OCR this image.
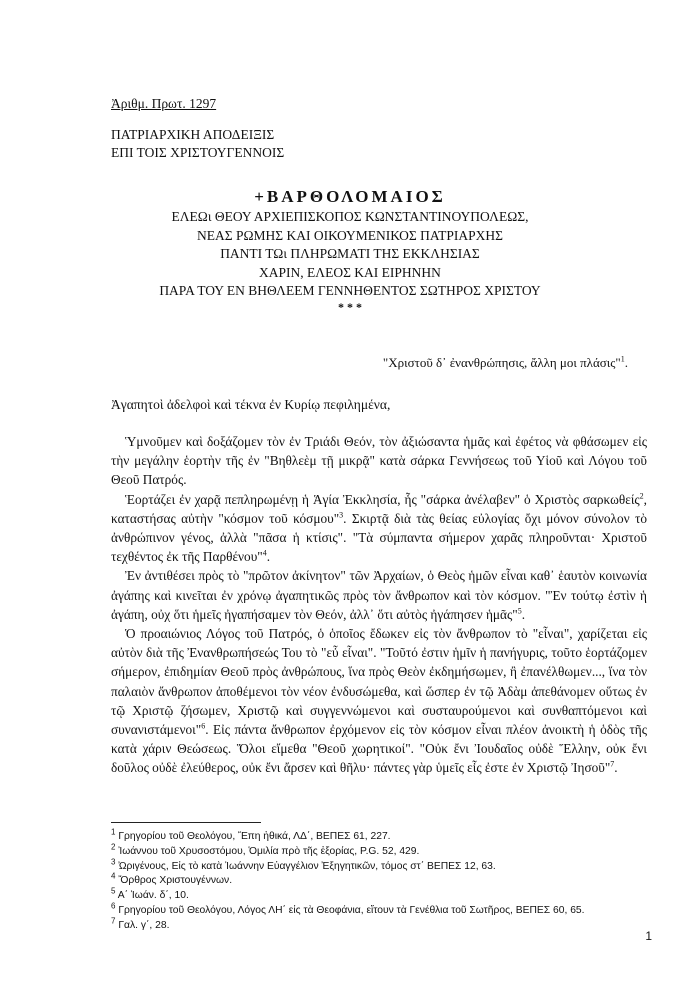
Ἀριθμ. Πρωτ. 1297
ΠΑΤΡΙΑΡΧΙΚΗ ΑΠΟΔΕΙΞΙΣ
ΕΠΙ ΤΟΙΣ ΧΡΙΣΤΟΥΓΕΝΝΟΙΣ
+ΒΑΡΘΟΛΟΜΑΙΟΣ
ΕΛΕΩι ΘΕΟΥ ΑΡΧΙΕΠΙΣΚΟΠΟΣ ΚΩΝΣΤΑΝΤΙΝΟΥΠΟΛΕΩΣ,
ΝΕΑΣ ΡΩΜΗΣ ΚΑΙ ΟΙΚΟΥΜΕΝΙΚΟΣ ΠΑΤΡΙΑΡΧΗΣ
ΠΑΝΤΙ ΤΩι ΠΛΗΡΩΜΑΤΙ ΤΗΣ ΕΚΚΛΗΣΙΑΣ
ΧΑΡΙΝ, ΕΛΕΟΣ ΚΑΙ ΕΙΡΗΝΗΝ
ΠΑΡΑ ΤΟΥ ΕΝ ΒΗΘΛΕΕΜ ΓΕΝΝΗΘΕΝΤΟΣ ΣΩΤΗΡΟΣ ΧΡΙΣΤΟΥ
* * *
"Χριστοῦ δ᾽ ἐνανθρώπησις, ἄλλη μοι πλάσις"$^1$.
Ἀγαπητοὶ ἀδελφοὶ καὶ τέκνα ἐν Κυρίῳ πεφιλημένα,

Ὑμνοῦμεν καὶ δοξάζομεν τὸν ἐν Τριάδι Θεόν, τὸν ἀξιώσαντα ἡμᾶς καὶ ἐφέτος νὰ φθάσωμεν εἰς τὴν μεγάλην ἑορτὴν τῆς ἐν "Βηθλεὲμ τῇ μικρᾷ" κατὰ σάρκα Γεννήσεως τοῦ Υἱοῦ καὶ Λόγου τοῦ Θεοῦ Πατρός.

Ἑορτάζει ἐν χαρᾷ πεπληρωμένῃ ἡ Ἁγία Ἐκκλησία, ἧς "σάρκα ἀνέλαβεν" ὁ Χριστὸς σαρκωθείς$^2$, καταστήσας αὐτὴν "κόσμον τοῦ κόσμου"$^3$. Σκιρτᾷ διὰ τὰς θείας εὐλογίας ὄχι μόνον σύνολον τὸ ἀνθρώπινον γένος, ἀλλὰ "πᾶσα ἡ κτίσις". "Τὰ σύμπαντα σήμερον χαρᾶς πληροῦνται· Χριστοῦ τεχθέντος ἐκ τῆς Παρθένου"$^4$.

Ἐν ἀντιθέσει πρὸς τὸ "πρῶτον ἀκίνητον" τῶν Ἀρχαίων, ὁ Θεὸς ἡμῶν εἶναι καθ᾽ ἑαυτὸν κοινωνία ἀγάπης καὶ κινεῖται ἐν χρόνῳ ἀγαπητικῶς πρὸς τὸν ἄνθρωπον καὶ τὸν κόσμον. "Ἐν τούτῳ ἐστὶν ἡ ἀγάπη, οὐχ ὅτι ἡμεῖς ἠγαπήσαμεν τὸν Θεόν, ἀλλ᾽ ὅτι αὐτὸς ἠγάπησεν ἡμᾶς"$^5$.

Ὁ προαιώνιος Λόγος τοῦ Πατρός, ὁ ὁποῖος ἔδωκεν εἰς τὸν ἄνθρωπον τὸ "εἶναι", χαρίζεται εἰς αὐτὸν διὰ τῆς Ἐνανθρωπήσεώς Του τὸ "εὖ εἶναι". "Τοῦτό ἐστιν ἡμῖν ἡ πανήγυρις, τοῦτο ἑορτάζομεν σήμερον, ἐπιδημίαν Θεοῦ πρὸς ἀνθρώπους, ἵνα πρὸς Θεὸν ἐκδημήσωμεν, ἢ ἐπανέλθωμεν..., ἵνα τὸν παλαιὸν ἄνθρωπον ἀποθέμενοι τὸν νέον ἐνδυσώμεθα, καὶ ὥσπερ ἐν τῷ Ἀδὰμ ἀπεθάνομεν οὕτως ἐν τῷ Χριστῷ ζήσωμεν, Χριστῷ καὶ συγγεννώμενοι καὶ συσταυρούμενοι καὶ συνθαπτόμενοι καὶ συνανιστάμενοι"$^6$. Εἰς πάντα ἄνθρωπον ἐρχόμενον εἰς τὸν κόσμον εἶναι πλέον ἀνοικτὴ ἡ ὁδὸς τῆς κατὰ χάριν Θεώσεως. Ὅλοι εἴμεθα "Θεοῦ χωρητικοί". "Οὐκ ἔνι Ἰουδαῖος οὐδὲ Ἕλλην, οὐκ ἔνι δοῦλος οὐδὲ ἐλεύθερος, οὐκ ἔνι ἄρσεν καὶ θῆλυ· πάντες γὰρ ὑμεῖς εἷς ἐστε ἐν Χριστῷ Ἰησοῦ"$^7$.

$^1$ Γρηγορίου τοῦ Θεολόγου, Ἔπη ἠθικά, ΛΔ΄, ΒΕΠΕΣ 61, 227.
$^2$ Ἰωάννου τοῦ Χρυσοστόμου, Ὁμιλία πρὸ τῆς ἐξορίας, P.G. 52, 429.
$^3$ Ὠριγένους, Εἰς τὸ κατὰ Ἰωάννην Εὐαγγέλιον Ἐξηγητικῶν, τόμος στ΄ ΒΕΠΕΣ 12, 63.
$^4$ Ὄρθρος Χριστουγέννων.
$^5$ Α΄ Ἰωάν. δ΄, 10.
$^6$ Γρηγορίου τοῦ Θεολόγου, Λόγος ΛΗ΄ εἰς τὰ Θεοφάνια, εἴτουν τὰ Γενέθλια τοῦ Σωτῆρος, ΒΕΠΕΣ 60, 65.
$^7$ Γαλ. γ΄, 28.
1
